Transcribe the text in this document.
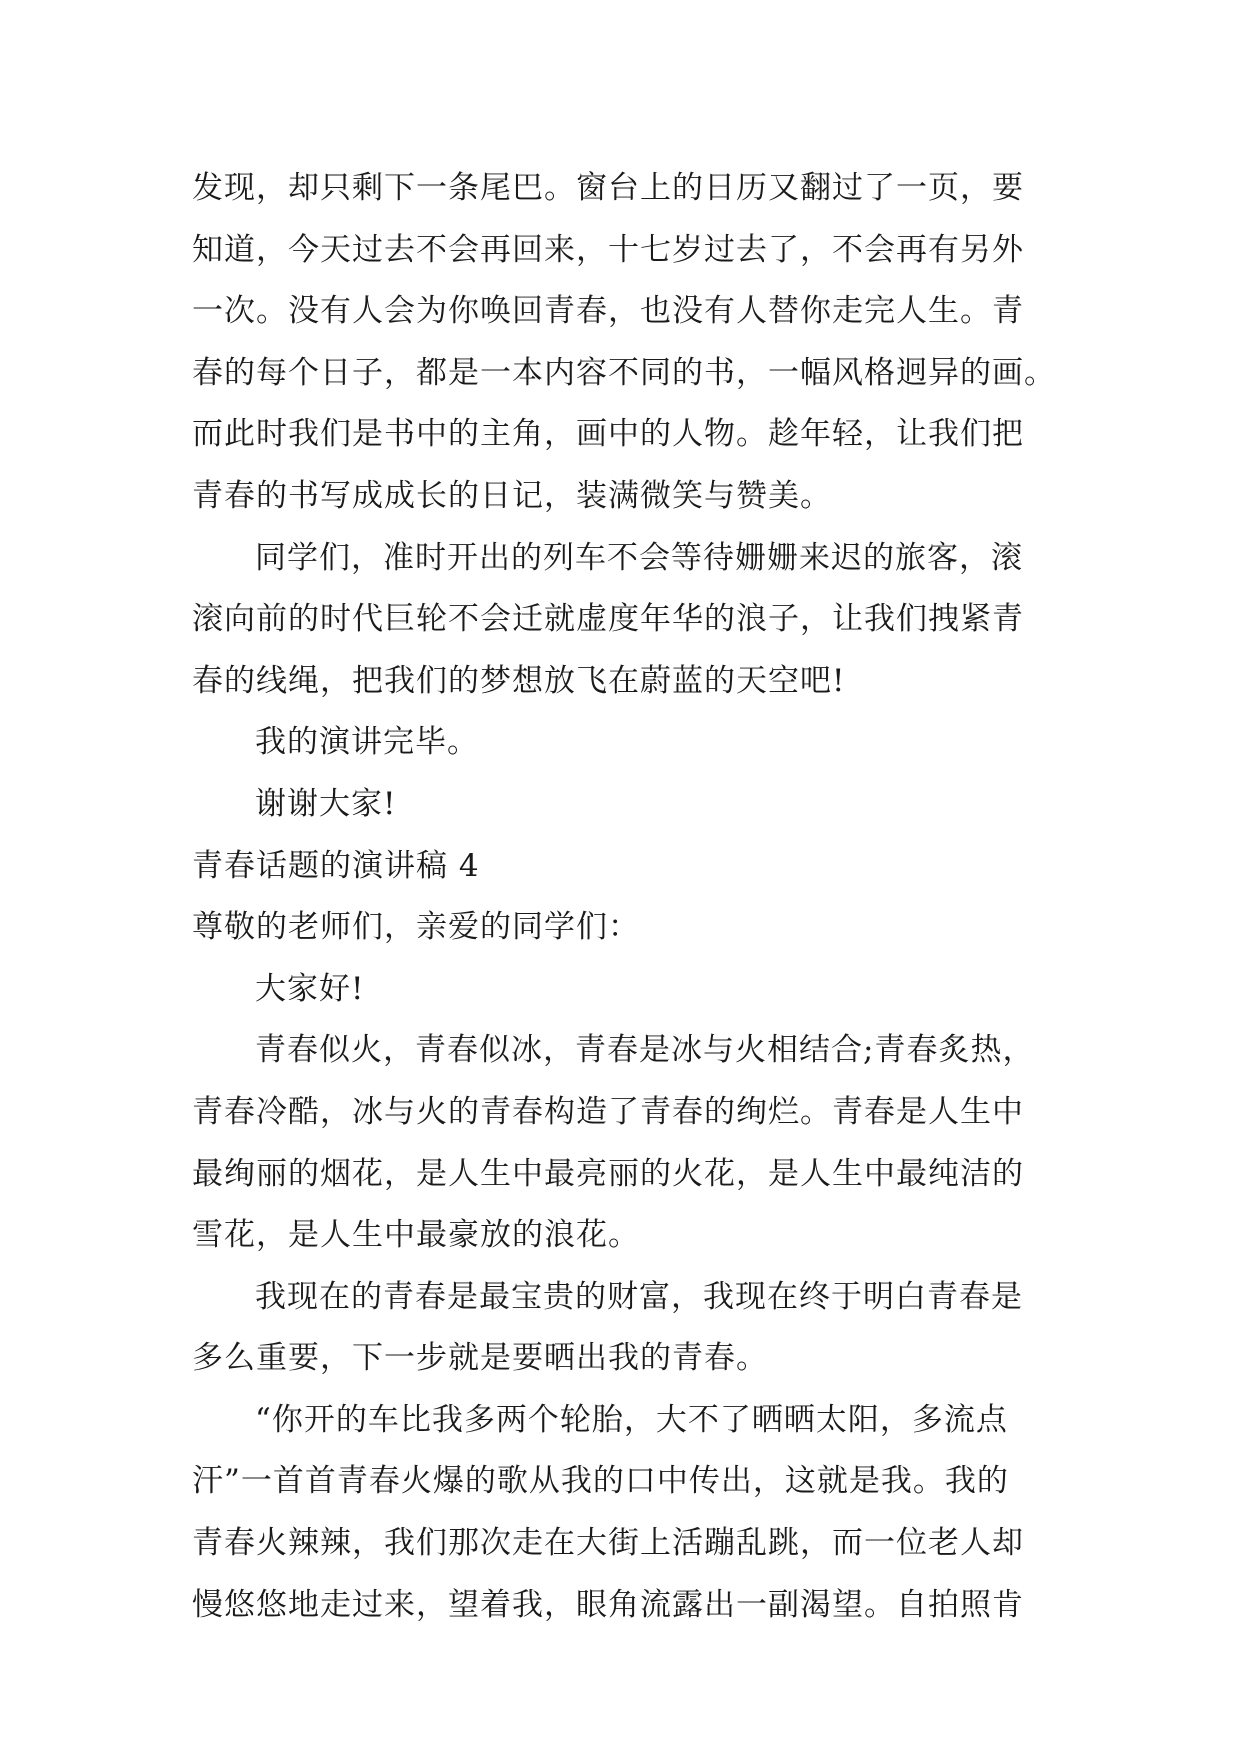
发现，却只剩下一条尾巴。窗台上的日历又翻过了一页，要
知道，今天过去不会再回来，十七岁过去了，不会再有另外
一次。没有人会为你唤回青春，也没有人替你走完人生。青
春的每个日子，都是一本内容不同的书，一幅风格迥异的画。
而此时我们是书中的主角，画中的人物。趁年轻，让我们把
青春的书写成成长的日记，装满微笑与赞美。
同学们，准时开出的列车不会等待姗姗来迟的旅客，滚
滚向前的时代巨轮不会迁就虚度年华的浪子，让我们拽紧青
春的线绳，把我们的梦想放飞在蔚蓝的天空吧!
我的演讲完毕。
谢谢大家!
青春话题的演讲稿 4
尊敬的老师们，亲爱的同学们：
大家好!
青春似火，青春似冰，青春是冰与火相结合;青春炙热，
青春冷酷，冰与火的青春构造了青春的绚烂。青春是人生中
最绚丽的烟花，是人生中最亮丽的火花，是人生中最纯洁的
雪花，是人生中最豪放的浪花。
我现在的青春是最宝贵的财富，我现在终于明白青春是
多么重要，下一步就是要晒出我的青春。
“你开的车比我多两个轮胎，大不了晒晒太阳，多流点
汗”一首首青春火爆的歌从我的口中传出，这就是我。我的
青春火辣辣，我们那次走在大街上活蹦乱跳，而一位老人却
慢悠悠地走过来，望着我，眼角流露出一副渴望。自拍照肯
